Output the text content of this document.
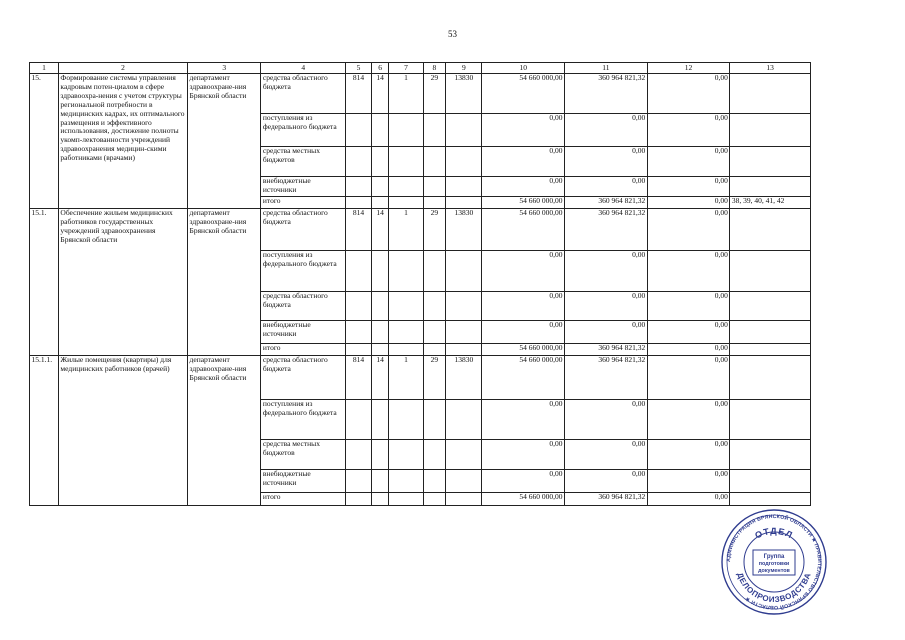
53
1	2	3	4	5	6	7	8	9	10	11	12	13
15.	Формирование системы управления кадровым потен-циалом в сфере здравоохра-нения с учетом структуры региональной потребности в медицинских кадрах, их оптимального размещения и эффективного использования, достижение полноты укомп-лектованности учреждений здравоохранения медицин-скими работниками (врачами)	департамент здравоохране-ния Брянской области	средства областного бюджета	814	14	1	29	13830	54 660 000,00	360 964 821,32	0,00	
			поступления из федерального бюджета						0,00	0,00	0,00	
			средства местных бюджетов						0,00	0,00	0,00	
			внебюджетные источники						0,00	0,00	0,00	
			итого						54 660 000,00	360 964 821,32	0,00	38, 39, 40, 41, 42
15.1.	Обеспечение жильем медицинских работников государственных учреждений здравоохранения Брянской области	департамент здравоохране-ния Брянской области	средства областного бюджета	814	14	1	29	13830	54 660 000,00	360 964 821,32	0,00	
			поступления из федерального бюджета						0,00	0,00	0,00	
			средства областного бюджета						0,00	0,00	0,00	
			внебюджетные источники						0,00	0,00	0,00	
			итого						54 660 000,00	360 964 821,32	0,00	
15.1.1.	Жилые помещения (квартиры) для медицинских работников (врачей)	департамент здравоохране-ния Брянской области	средства областного бюджета	814	14	1	29	13830	54 660 000,00	360 964 821,32	0,00	
			поступления из федерального бюджета						0,00	0,00	0,00	
			средства местных бюджетов						0,00	0,00	0,00	
			внебюджетные источники						0,00	0,00	0,00	
			итого						54 660 000,00	360 964 821,32	0,00	
АДМИНИСТРАЦИЯ БРЯНСКОЙ ОБЛАСТИ ★ ПРАВИТЕЛЬСТВО БРЯНСКОЙ ОБЛАСТИ ★
ОТДЕЛ
ДЕЛОПРОИЗВОДСТВА
Группа
подготовки
документов
